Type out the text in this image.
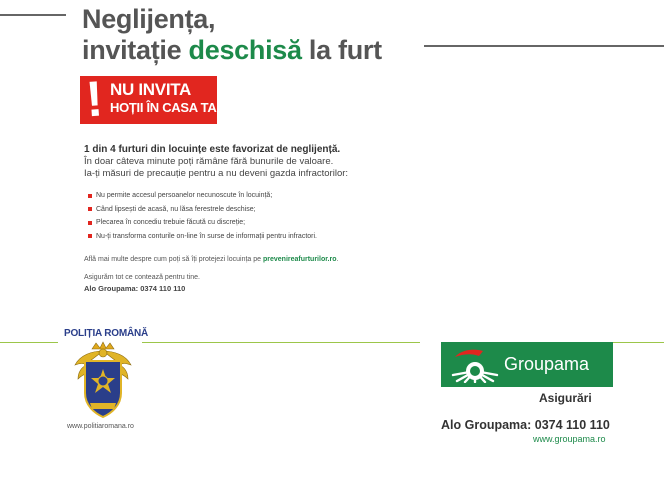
Neglijența,
invitație deschisă la furt
! NU INVITA
HOȚII ÎN CASA TA!
1 din 4 furturi din locuințe este favorizat de neglijență.
În doar câteva minute poți rămâne fără bunurile de valoare.
Ia-ți măsuri de precauție pentru a nu deveni gazda infractorilor:
Nu permite accesul persoanelor necunoscute în locuință;
Când lipsești de acasă, nu lăsa ferestrele deschise;
Plecarea în concediu trebuie făcută cu discreție;
Nu-ți transforma conturile on-line în surse de informații pentru infractori.
Află mai multe despre cum poți să îți protejezi locuința pe prevenireafurturilor.ro.
Asigurăm tot ce contează pentru tine.
Alo Groupama: 0374 110 110
POLIȚIA ROMÂNĂ
www.politiaromana.ro
Groupama
Asigurări
Alo Groupama: 0374 110 110
www.groupama.ro
